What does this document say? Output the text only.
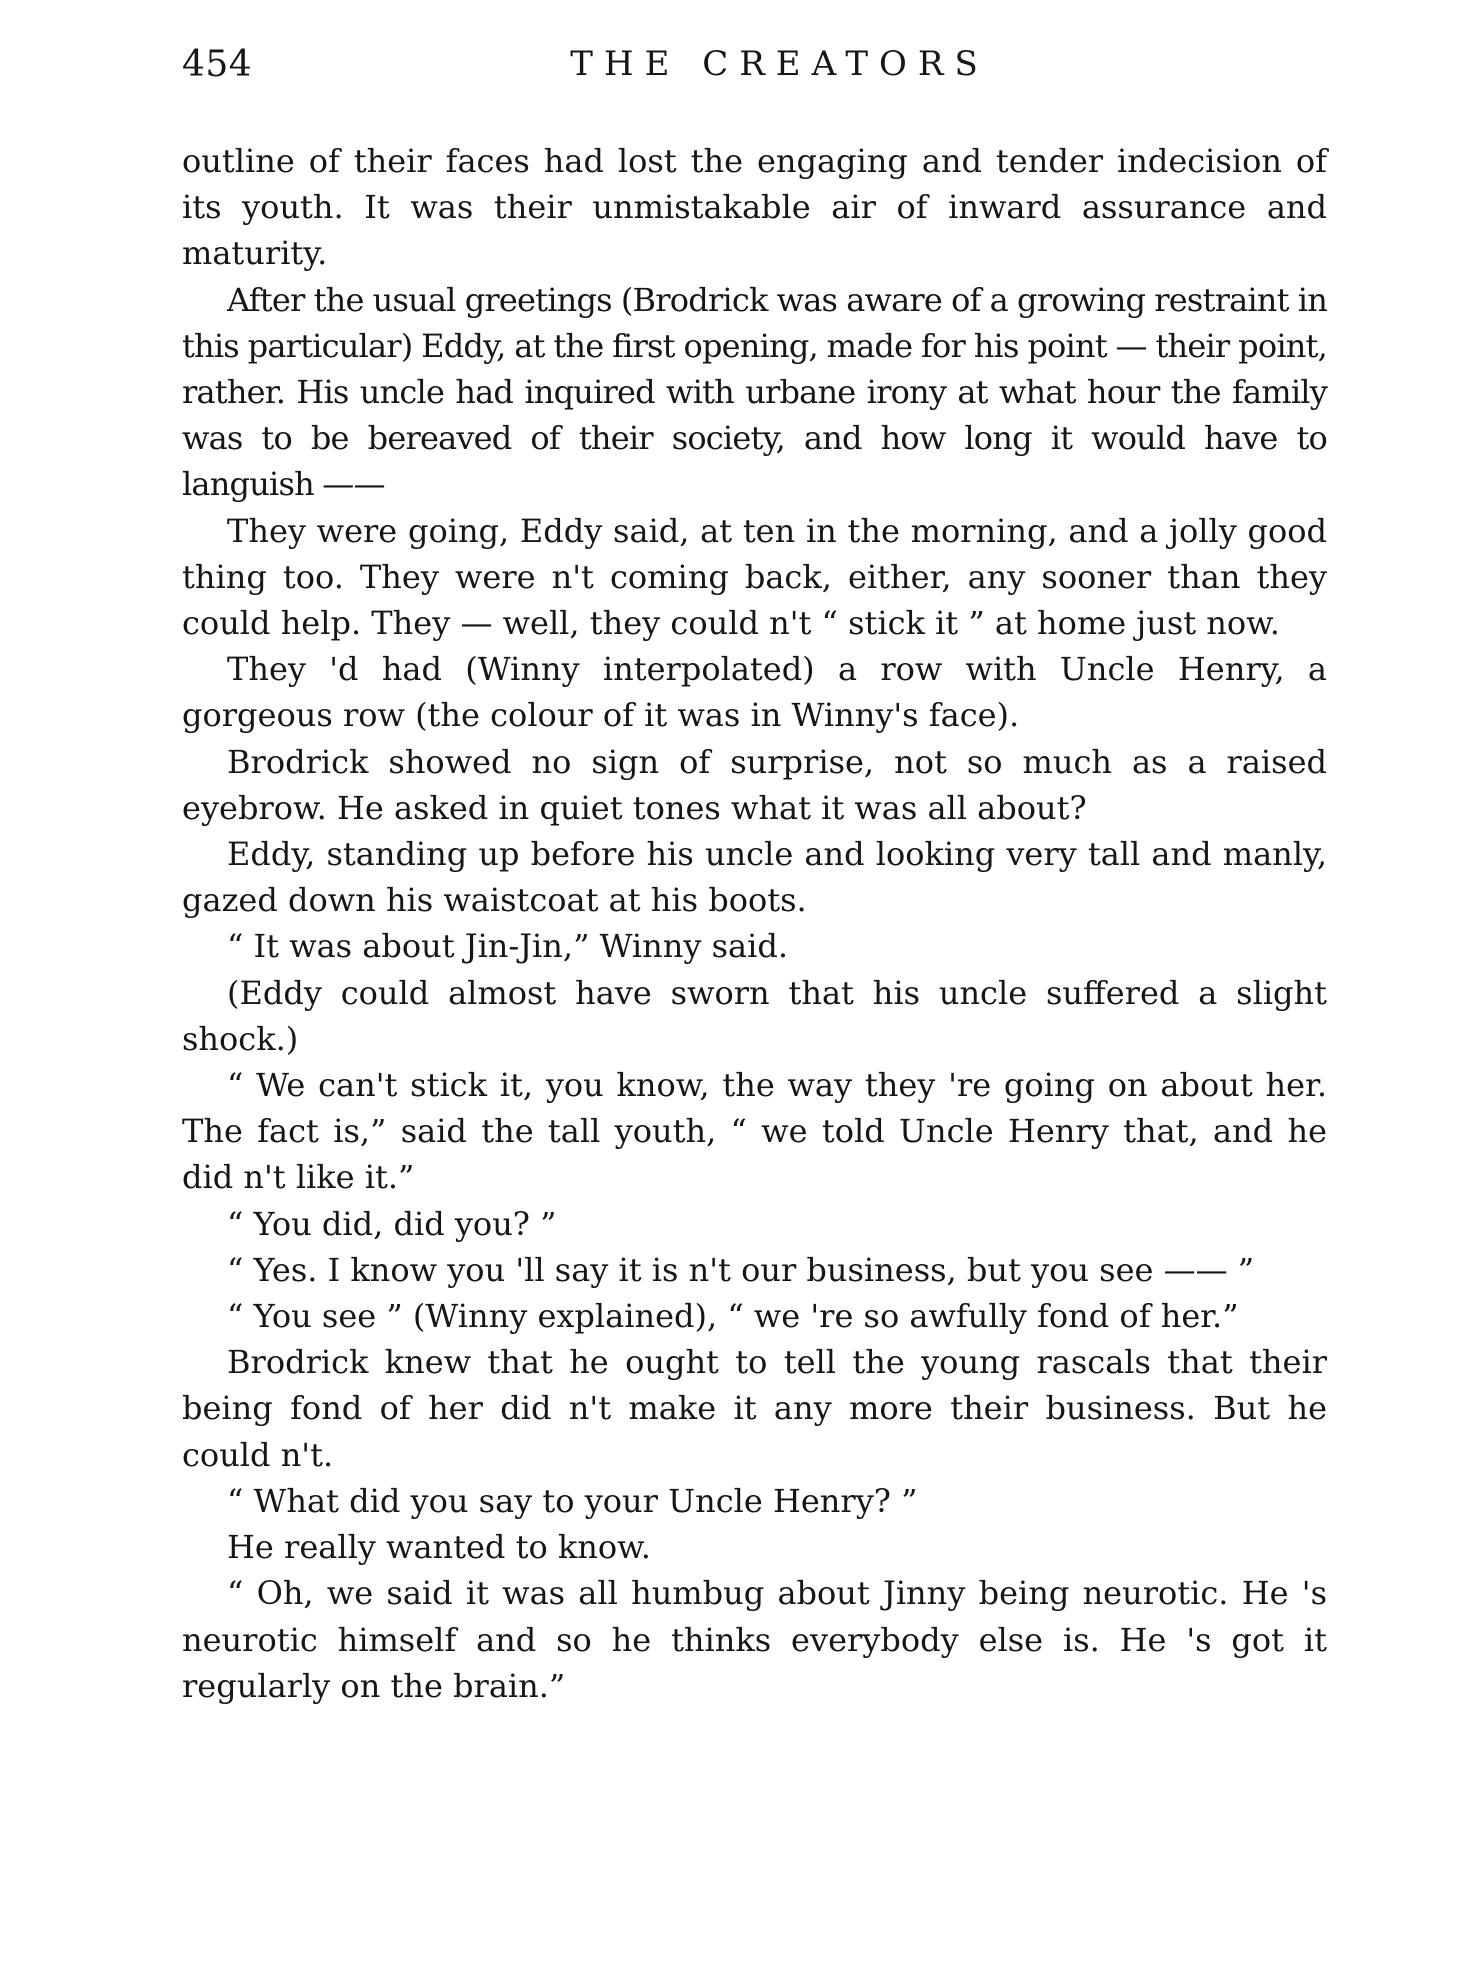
454	THE CREATORS

outline of their faces had lost the engaging and tender indecision of its youth. It was their unmistakable air of inward assurance and maturity.

After the usual greetings (Brodrick was aware of a growing restraint in this particular) Eddy, at the first opening, made for his point — their point, rather. His uncle had inquired with urbane irony at what hour the family was to be bereaved of their society, and how long it would have to languish ——

They were going, Eddy said, at ten in the morning, and a jolly good thing too. They were n't coming back, either, any sooner than they could help. They — well, they could n't “ stick it ” at home just now.

They 'd had (Winny interpolated) a row with Uncle Henry, a gorgeous row (the colour of it was in Winny's face).

Brodrick showed no sign of surprise, not so much as a raised eyebrow. He asked in quiet tones what it was all about?

Eddy, standing up before his uncle and looking very tall and manly, gazed down his waistcoat at his boots.

“ It was about Jin-Jin,” Winny said.

(Eddy could almost have sworn that his uncle suffered a slight shock.)

“ We can't stick it, you know, the way they 're going on about her. The fact is,” said the tall youth, “ we told Uncle Henry that, and he did n't like it.”

“ You did, did you? ”

“ Yes. I know you 'll say it is n't our business, but you see —— ”

“ You see ” (Winny explained), “ we 're so awfully fond of her.”

Brodrick knew that he ought to tell the young rascals that their being fond of her did n't make it any more their business. But he could n't.

“ What did you say to your Uncle Henry? ”

He really wanted to know.

“ Oh, we said it was all humbug about Jinny being neurotic. He 's neurotic himself and so he thinks everybody else is. He 's got it regularly on the brain.”
